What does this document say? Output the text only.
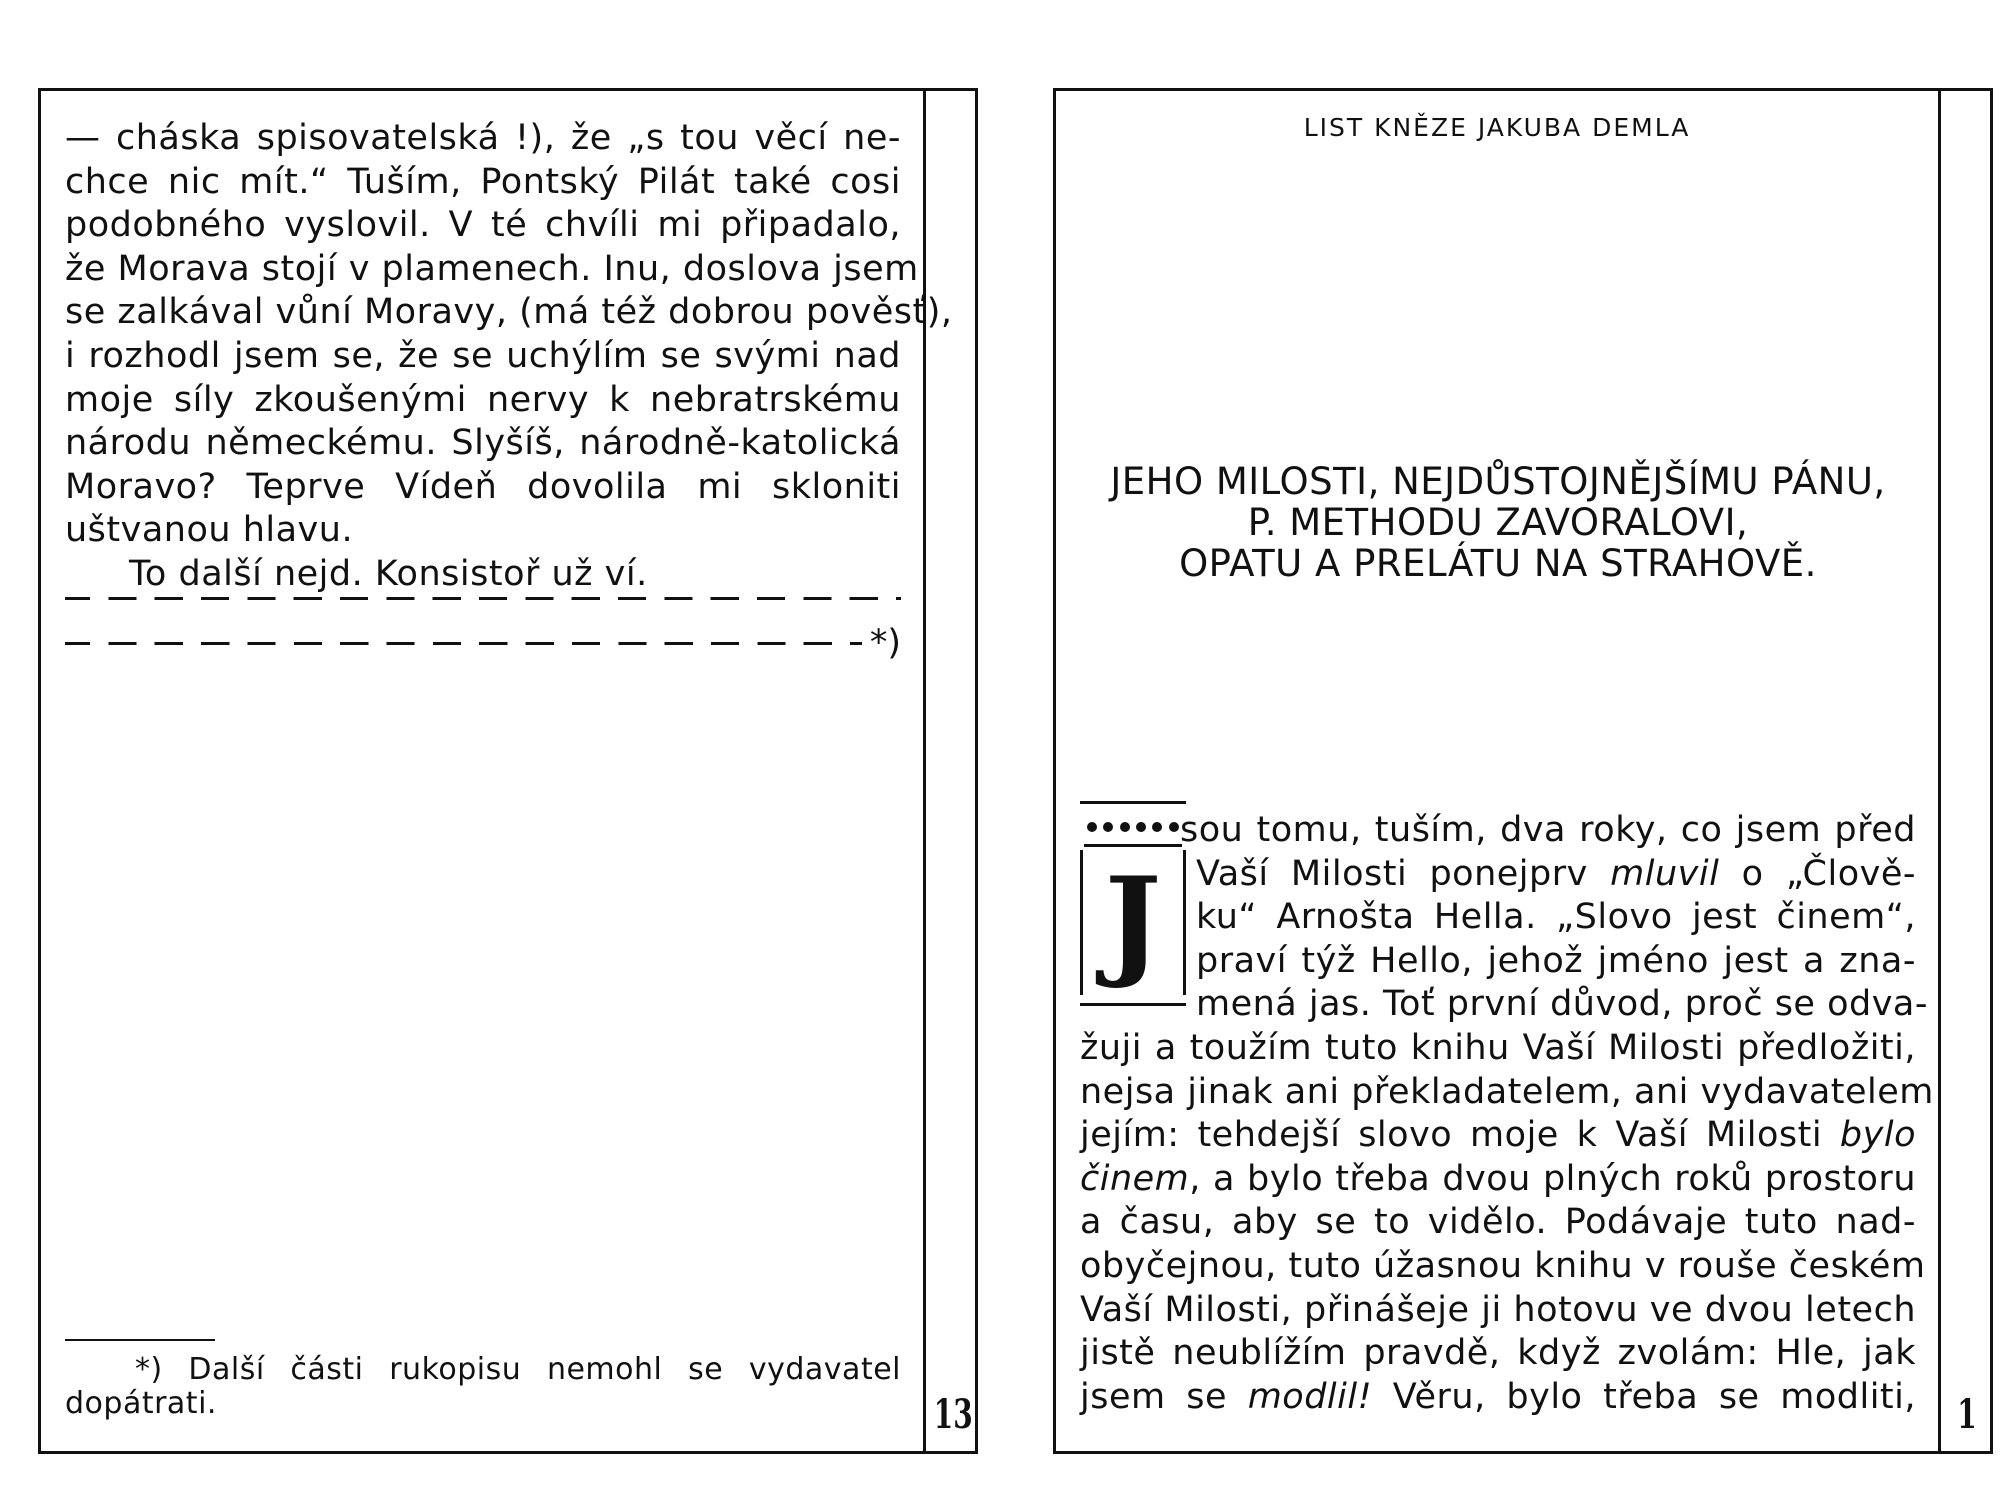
— cháska spisovatelská !), že „s tou věcí ne-
chce nic mít.“ Tuším, Pontský Pilát také cosi
podobného vyslovil. V té chvíli mi připadalo,
že Morava stojí v plamenech. Inu, doslova jsem
se zalkával vůní Moravy, (má též dobrou pověsť),
i rozhodl jsem se, že se uchýlím se svými nad
moje síly zkoušenými nervy k nebratrskému
národu německému. Slyšíš, národně-katolická
Moravo? Teprve Vídeň dovolila mi skloniti
uštvanou hlavu.
To další nejd. Konsistoř už ví.
*)
*) Další části rukopisu nemohl se vydavatel
dopátrati.	13
LIST KNĚZE JAKUBA DEMLA
JEHO MILOSTI, NEJDŮSTOJNĚJŠÍMU PÁNU,
P. METHODU ZAVORALOVI,
OPATU A PRELÁTU NA STRAHOVĚ.
J
sou tomu, tuším, dva roky, co jsem před
Vaší Milosti ponejprv mluvil o „Člově-
ku“ Arnošta Hella. „Slovo jest činem“,
praví týž Hello, jehož jméno jest a zna-
mená jas. Toť první důvod, proč se odva-
žuji a toužím tuto knihu Vaší Milosti předložiti,
nejsa jinak ani překladatelem, ani vydavatelem
jejím: tehdejší slovo moje k Vaší Milosti bylo
činem, a bylo třeba dvou plných roků prostoru
a času, aby se to vidělo. Podávaje tuto nad-
obyčejnou, tuto úžasnou knihu v rouše českém
Vaší Milosti, přinášeje ji hotovu ve dvou letech
jistě neublížím pravdě, když zvolám: Hle, jak
jsem se modlil! Věru, bylo třeba se modliti, 1
